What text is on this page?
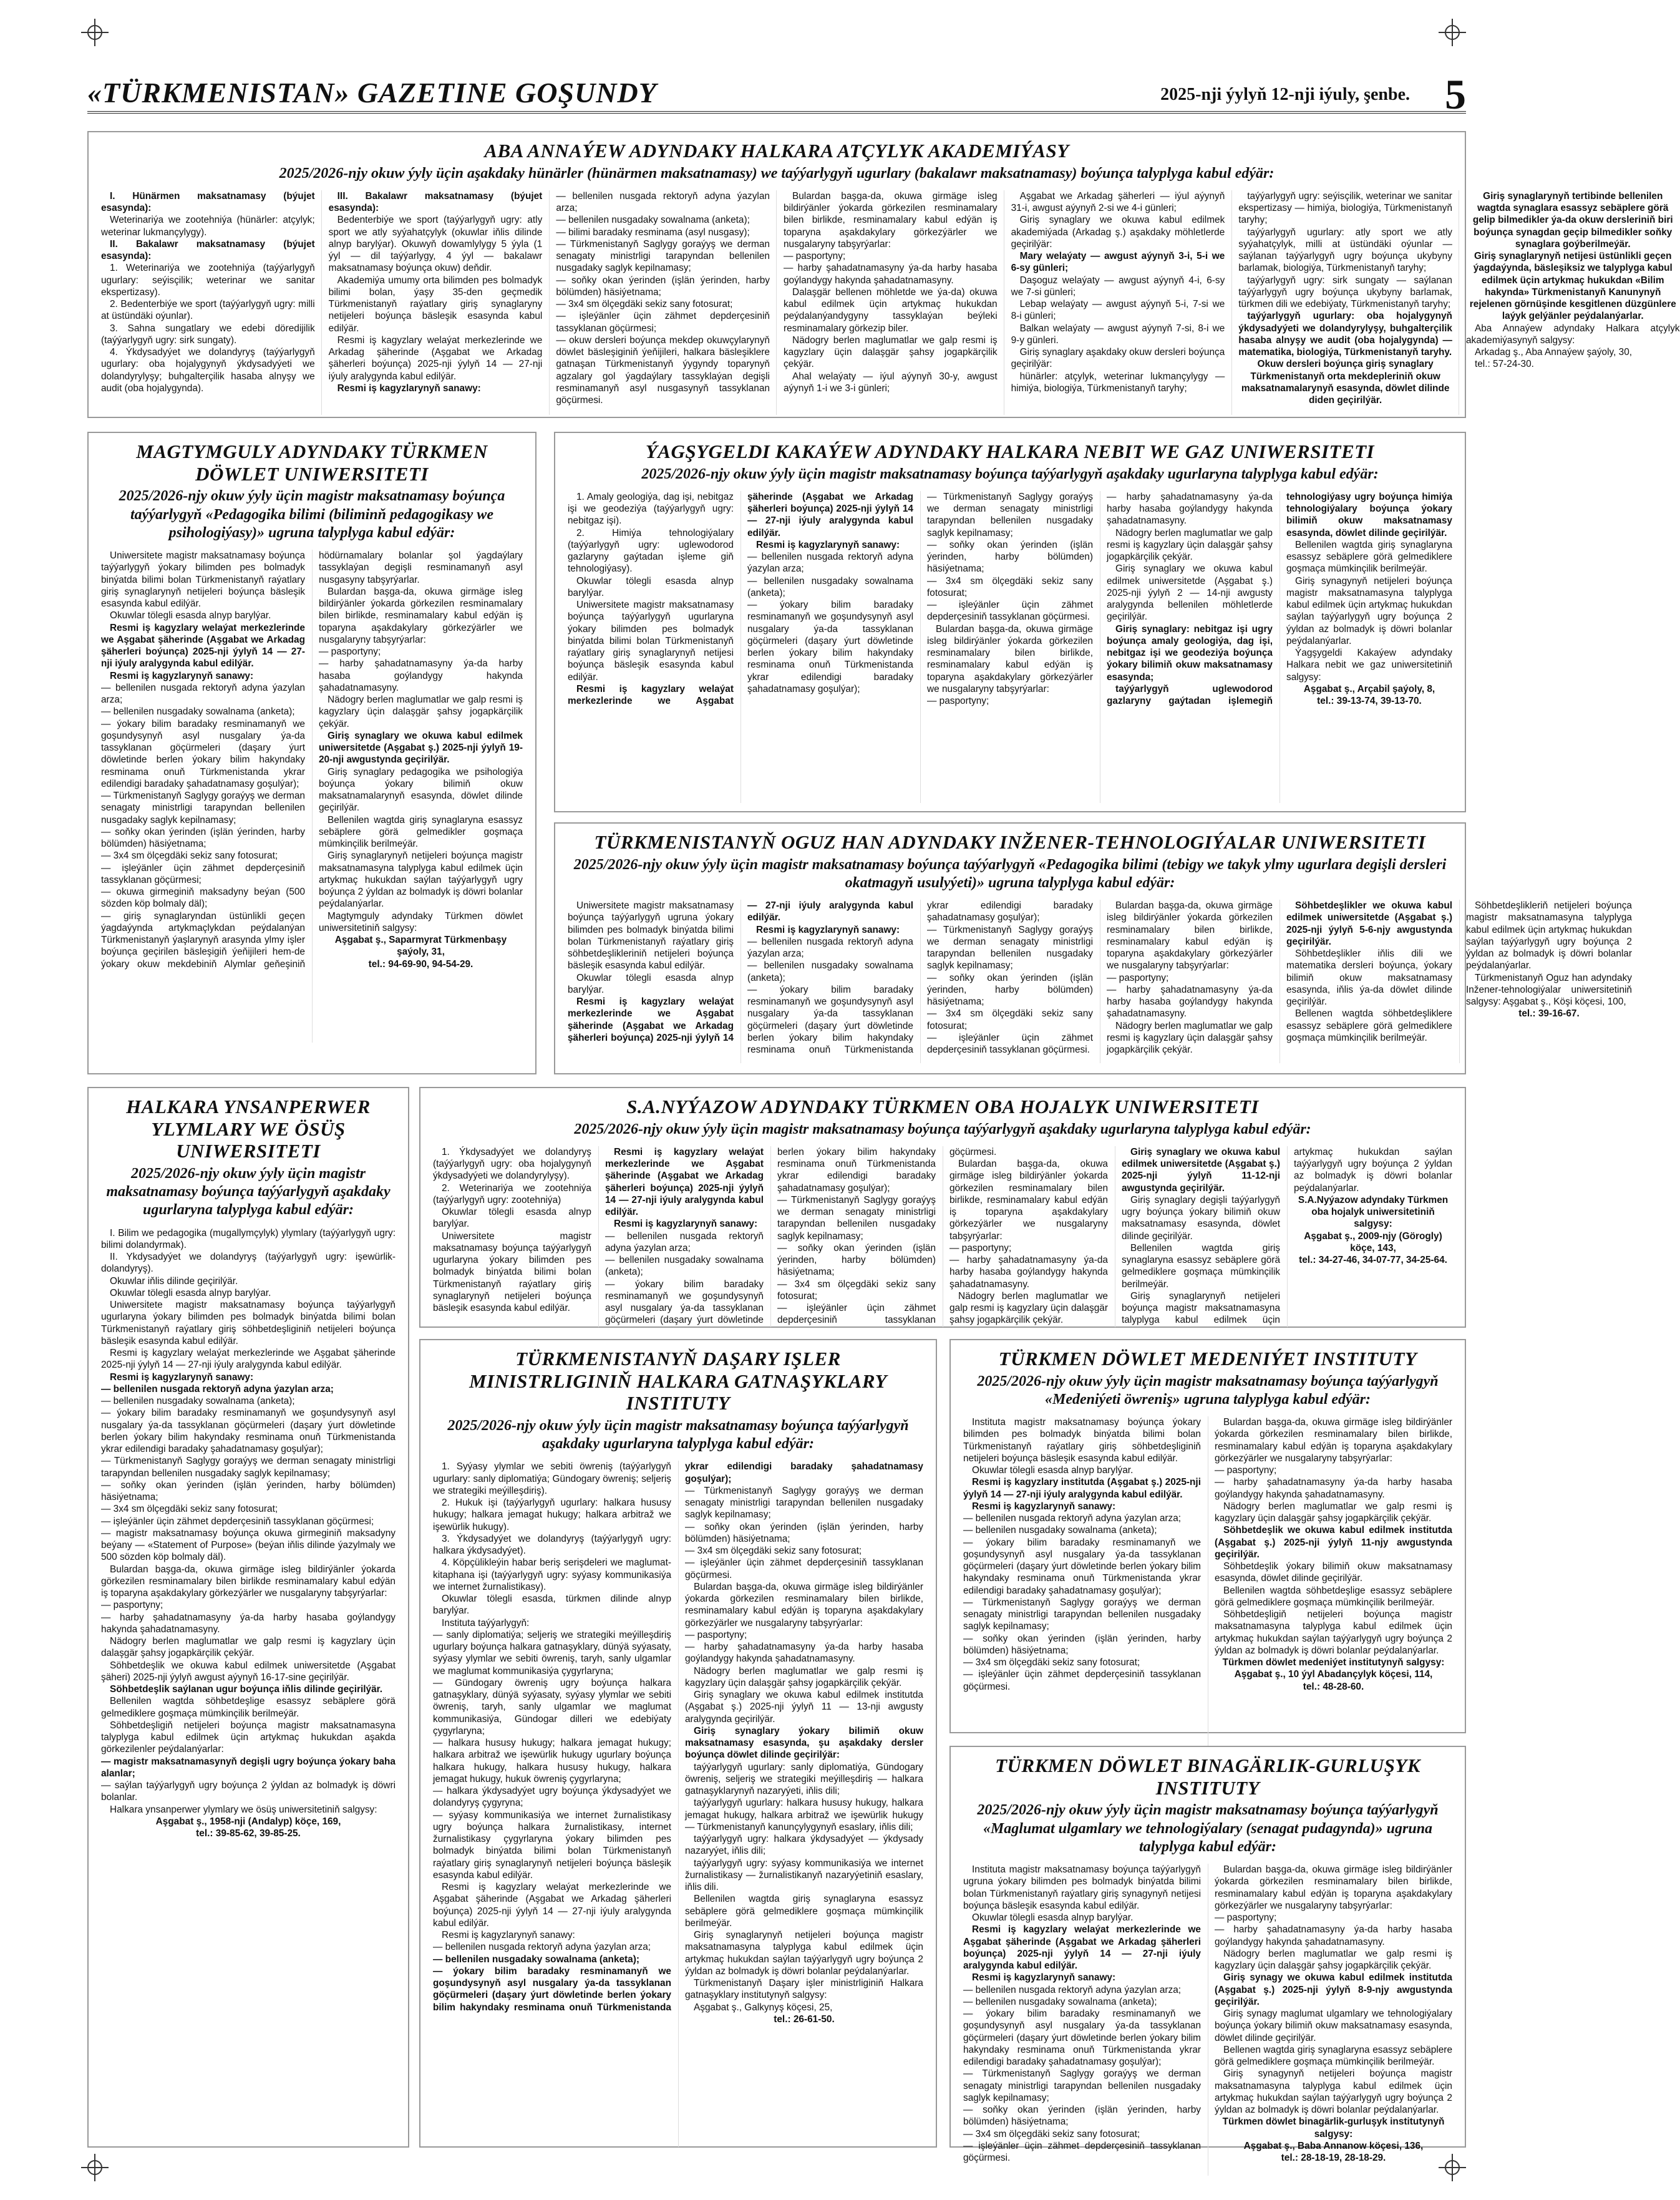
«TÜRKMENISTAN» GAZETINE GOŞUNDY	2025-nji ýylyň 12-nji iýuly, şenbe. 5
ABA ANNAÝEW ADYNDAKY HALKARA ATÇYLYK AKADEMIÝASY
2025/2026-njy okuw ýyly üçin aşakdaky hünärler (hünärmen maksatnamasy) we taýýarlygyň ugurlary (bakalawr maksatnamasy) boýunça talyplyga kabul edýär:

I. Hünärmen maksatnamasy (býujet esasynda):

Weterinariýa we zootehniýa (hünärler: atçylyk; weterinar lukmançylygy).

II. Bakalawr maksatnamasy (býujet esasynda):

1. Weterinariýa we zootehniýa (taýýarlygyň ugurlary: seýisçilik; weterinar we sanitar ekspertizasy).

2. Bedenterbiýe we sport (taýýarlygyň ugry: milli at üstündäki oýunlar).

3. Sahna sungatlary we edebi döredijilik (taýýarlygyň ugry: sirk sungaty).

4. Ýkdysadyýet we dolandyryş (taýýarlygyň ugurlary: oba hojalygynyň ýkdysadyýeti we dolandyrylyşy; buhgalterçilik hasaba alnyşy we audit (oba hojalygynda).

III. Bakalawr maksatnamasy (býujet esasynda):

Bedenterbiýe we sport (taýýarlygyň ugry: atly sport we atly syýahatçylyk (okuwlar iňlis dilinde alnyp barylýar). Okuwyň dowamlylygy 5 ýyla (1 ýyl — dil taýýarlygy, 4 ýyl — bakalawr maksatnamasy boýunça okuw) deňdir.

Akademiýa umumy orta bilimden pes bolmadyk bilimi bolan, ýaşy 35-den geçmedik Türkmenistanyň raýatlary giriş synaglaryny netijeleri boýunça bäsleşik esasynda kabul edilýär.

Resmi iş kagyzlary welaýat merkezlerinde we Arkadag şäherinde (Aşgabat we Arkadag şäherleri boýunça) 2025-nji ýylyň 14 — 27-nji iýuly aralygynda kabul edilýär.

Resmi iş kagyzlarynyň sanawy:

— bellenilen nusgada rektoryň adyna ýazylan arza;

— bellenilen nusgadaky sowalnama (anketa);

— bilimi baradaky resminama (asyl nusgasy);

— Türkmenistanyň Saglygy goraýyş we derman senagaty ministrligi tarapyndan bellenilen nusgadaky saglyk kepilnamasy;

— soňky okan ýerinden (işlän ýerinden, harby bölümden) häsiýetnama;

— 3x4 sm ölçegdäki sekiz sany fotosurat;

— işleýänler üçin zähmet depderçesiniň tassyklanan göçürmesi;

— okuw dersleri boýunça mekdep okuwçylarynyň döwlet bäsleşiginiň ýeňijileri, halkara bäsleşiklere gatnaşan Türkmenistanyň ýygyndy toparynyň agzalary gol ýagdaýlary tassyklaýan degişli resminamanyň asyl nusgasynyň tassyklanan göçürmesi.

Bulardan başga-da, okuwa girmäge isleg bildirýänler ýokarda görkezilen resminamalary bilen birlikde, resminamalary kabul edýän iş toparyna aşakdakylary görkezýärler we nusgalaryny tabşyrýarlar:

— pasportyny;

— harby şahadatnamasyny ýa-da harby hasaba goýlandygy hakynda şahadatnamasyny.

Dalaşgär bellenen möhletde we ýa-da) okuwa kabul edilmek üçin artykmaç hukukdan peýdalanýandygyny tassyklaýan beýleki resminamalary görkezip biler.

Nädogry berlen maglumatlar we galp resmi iş kagyzlary üçin dalaşgär şahsy jogapkärçilik çekýär.

Ahal welaýaty — iýul aýynyň 30-y, awgust aýynyň 1-i we 3-i günleri;

Aşgabat we Arkadag şäherleri — iýul aýynyň 31-i, awgust aýynyň 2-si we 4-i günleri;

Giriş synaglary we okuwa kabul edilmek akademiýada (Arkadag ş.) aşakdaky möhletlerde geçirilýär:

Mary welaýaty — awgust aýynyň 3-i, 5-i we 6-sy günleri;

Daşoguz welaýaty — awgust aýynyň 4-i, 6-sy we 7-si günleri;

Lebap welaýaty — awgust aýynyň 5-i, 7-si we 8-i günleri;

Balkan welaýaty — awgust aýynyň 7-si, 8-i we 9-y günleri.

Giriş synaglary aşakdaky okuw dersleri boýunça geçirilýär:

hünärler: atçylyk, weterinar lukmançylygy — himiýa, biologiýa, Türkmenistanyň taryhy;

taýýarlygyň ugry: seýisçilik, weterinar we sanitar ekspertizasy — himiýa, biologiýa, Türkmenistanyň taryhy;

taýýarlygyň ugurlary: atly sport we atly syýahatçylyk, milli at üstündäki oýunlar — saýlanan taýýarlygyň ugry boýunça ukybyny barlamak, biologiýa, Türkmenistanyň taryhy;

taýýarlygyň ugry: sirk sungaty — saýlanan taýýarlygyň ugry boýunça ukybyny barlamak, türkmen dili we edebiýaty, Türkmenistanyň taryhy;

taýýarlygyň ugurlary: oba hojalygynyň ýkdysadyýeti we dolandyrylyşy, buhgalterçilik hasaba alnyşy we audit (oba hojalygynda) — matematika, biologiýa, Türkmenistanyň taryhy.

Okuw dersleri boýunça giriş synaglary Türkmenistanyň orta mekdepleriniň okuw maksatnamalarynyň esasynda, döwlet dilinde diden geçirilýär.

Giriş synaglarynyň tertibinde bellenilen wagtda synaglara esassyz sebäplere görä gelip bilmedikler ýa-da okuw dersleriniň biri boýunça synagdan geçip bilmedikler soňky synaglara goýberilmeýär.

Giriş synaglarynyň netijesi üstünlikli geçen ýagdaýynda, bäsleşiksiz we talyplyga kabul edilmek üçin artykmaç hukukdan «Bilim hakynda» Türkmenistanyň Kanunynyň rejelenen görnüşinde kesgitlenen düzgünlere laýyk gelýänler peýdalanýarlar.

Aba Annaýew adyndaky Halkara atçylyk akademiýasynyň salgysy:

Arkadag ş., Aba Annaýew şaýoly, 30,

tel.: 57-24-30.

MAGTYMGULY ADYNDAKY TÜRKMEN DÖWLET UNIWERSITETI
2025/2026-njy okuw ýyly üçin magistr maksatnamasy boýunça taýýarlygyň «Pedagogika bilimi (biliminň pedagogikasy we psihologiýasy)» ugruna talyplyga kabul edýär:

Uniwersitete magistr maksatnamasy boýunça taýýarlygyň ýokary bilimden pes bolmadyk binýatda bilimi bolan Türkmenistanyň raýatlary giriş synaglarynyň netijeleri boýunça bäsleşik esasynda kabul edilýär.

Okuwlar tölegli esasda alnyp barylýar.

Resmi iş kagyzlary welaýat merkezlerinde we Aşgabat şäherinde (Aşgabat we Arkadag şäherleri boýunça) 2025-nji ýylyň 14 — 27-nji iýuly aralygynda kabul edilýär.

Resmi iş kagyzlarynyň sanawy:

— bellenilen nusgada rektoryň adyna ýazylan arza;

— bellenilen nusgadaky sowalnama (anketa);

— ýokary bilim baradaky resminamanyň we goşundysynyň asyl nusgalary ýa-da tassyklanan göçürmeleri (daşary ýurt döwletinde berlen ýokary bilim hakyndaky resminama onuň Türkmenistanda ykrar edilendigi baradaky şahadatnamasy goşulýar);

— Türkmenistanyň Saglygy goraýyş we derman senagaty ministrligi tarapyndan bellenilen nusgadaky saglyk kepilnamasy;

— soňky okan ýerinden (işlän ýerinden, harby bölümden) häsiýetnama;

— 3x4 sm ölçegdäki sekiz sany fotosurat;

— işleýänler üçin zähmet depderçesiniň tassyklanan göçürmesi;

— okuwa girmeginiň maksadyny beýan (500 sözden köp bolmaly däl);

— giriş synaglaryndan üstünlikli geçen ýagdaýynda artykmaçlykdan peýdalanýan Türkmenistanyň ýaşlarynyň arasynda ylmy işler boýunça geçirilen bäsleşigiň ýeňijileri hem-de ýokary okuw mekdebiniň Alymlar geňeşiniň hödürnamalary bolanlar şol ýagdaýlary tassyklaýan degişli resminamanyň asyl nusgasyny tabşyrýarlar.

Bulardan başga-da, okuwa girmäge isleg bildirýänler ýokarda görkezilen resminamalary bilen birlikde, resminamalary kabul edýän iş toparyna aşakdakylary görkezýärler we nusgalaryny tabşyrýarlar:

— pasportyny;

— harby şahadatnamasyny ýa-da harby hasaba goýlandygy hakynda şahadatnamasyny.

Nädogry berlen maglumatlar we galp resmi iş kagyzlary üçin dalaşgär şahsy jogapkärçilik çekýär.

Giriş synaglary we okuwa kabul edilmek uniwersitetde (Aşgabat ş.) 2025-nji ýylyň 19-20-nji awgustynda geçirilýär.

Giriş synaglary pedagogika we psihologiýa boýunça ýokary bilimiň okuw maksatnamalarynyň esasynda, döwlet dilinde geçirilýär.

Bellenilen wagtda giriş synaglaryna esassyz sebäplere görä gelmedikler goşmaça mümkinçilik berilmeýär.

Giriş synaglarynyň netijeleri boýunça magistr maksatnamasyna talyplyga kabul edilmek üçin artykmaç hukukdan saýlan taýýarlygyň ugry boýunça 2 ýyldan az bolmadyk iş döwri bolanlar peýdalanýarlar.

Magtymguly adyndaky Türkmen döwlet uniwersitetiniň salgysy:

Aşgabat ş., Saparmyrat Türkmenbaşy şaýoly, 31,

tel.: 94-69-90, 94-54-29.

ÝAGŞYGELDI KAKAÝEW ADYNDAKY HALKARA NEBIT WE GAZ UNIWERSITETI
2025/2026-njy okuw ýyly üçin magistr maksatnamasy boýunça taýýarlygyň aşakdaky ugurlaryna talyplyga kabul edýär:

1. Amaly geologiýa, dag işi, nebitgaz işi we geodeziýa (taýýarlygyň ugry: nebitgaz işi).

2. Himiýa tehnologiýalary (taýýarlygyň ugry: uglewodorod gazlaryny gaýtadan işleme giň tehnologiýasy).

Okuwlar tölegli esasda alnyp barylýar.

Uniwersitete magistr maksatnamasy boýunça taýýarlygyň ugurlaryna ýokary bilimden pes bolmadyk binýatda bilimi bolan Türkmenistanyň raýatlary giriş synaglarynyň netijesi boýunça bäsleşik esasynda kabul edilýär.

Resmi iş kagyzlary welaýat merkezlerinde we Aşgabat şäherinde (Aşgabat we Arkadag şäherleri boýunça) 2025-nji ýylyň 14 — 27-nji iýuly aralygynda kabul edilýär.

Resmi iş kagyzlarynyň sanawy:

— bellenilen nusgada rektoryň adyna ýazylan arza;

— bellenilen nusgadaky sowalnama (anketa);

— ýokary bilim baradaky resminamanyň we goşundysynyň asyl nusgalary ýa-da tassyklanan göçürmeleri (daşary ýurt döwletinde berlen ýokary bilim hakyndaky resminama onuň Türkmenistanda ykrar edilendigi baradaky şahadatnamasy goşulýar);

— Türkmenistanyň Saglygy goraýyş we derman senagaty ministrligi tarapyndan bellenilen nusgadaky saglyk kepilnamasy;

— soňky okan ýerinden (işlän ýerinden, harby bölümden) häsiýetnama;

— 3x4 sm ölçegdäki sekiz sany fotosurat;

— işleýänler üçin zähmet depderçesiniň tassyklanan göçürmesi.

Bulardan başga-da, okuwa girmäge isleg bildirýänler ýokarda görkezilen resminamalary bilen birlikde, resminamalary kabul edýän iş toparyna aşakdakylary görkezýärler we nusgalaryny tabşyrýarlar:

— pasportyny;

— harby şahadatnamasyny ýa-da harby hasaba goýlandygy hakynda şahadatnamasyny.

Nädogry berlen maglumatlar we galp resmi iş kagyzlary üçin dalaşgär şahsy jogapkärçilik çekýär.

Giriş synaglary we okuwa kabul edilmek uniwersitetde (Aşgabat ş.) 2025-nji ýylyň 2 — 14-nji awgusty aralygynda bellenilen möhletlerde geçirilýär.

Giriş synaglary: nebitgaz işi ugry boýunça amaly geologiýa, dag işi, nebitgaz işi we geodeziýa boýunça ýokary bilimiň okuw maksatnamasy esasynda;

taýýarlygyň uglewodorod gazlaryny gaýtadan işlemegiň tehnologiýasy ugry boýunça himiýa tehnologiýalary boýunça ýokary bilimiň okuw maksatnamasy esasynda, döwlet dilinde geçirilýär.

Bellenilen wagtda giriş synaglaryna esassyz sebäplere görä gelmediklere goşmaça mümkinçilik berilmeýär.

Giriş synagynyň netijeleri boýunça magistr maksatnamasyna talyplyga kabul edilmek üçin artykmaç hukukdan saýlan taýýarlygyň ugry boýunça 2 ýyldan az bolmadyk iş döwri bolanlar peýdalanýarlar.

Ýagşygeldi Kakaýew adyndaky Halkara nebit we gaz uniwersitetiniň salgysy:

Aşgabat ş., Arçabil şaýoly, 8,

tel.: 39-13-74, 39-13-70.

TÜRKMENISTANYŇ OGUZ HAN ADYNDAKY INŽENER-TEHNOLOGIÝALAR UNIWERSITETI
2025/2026-njy okuw ýyly üçin magistr maksatnamasy boýunça taýýarlygyň «Pedagogika bilimi (tebigy we takyk ylmy ugurlara degişli dersleri okatmagyň usulyýeti)» ugruna talyplyga kabul edýär:

Uniwersitete magistr maksatnamasy boýunça taýýarlygyň ugruna ýokary bilimden pes bolmadyk binýatda bilimi bolan Türkmenistanyň raýatlary giriş söhbetdeşlikleriniň netijeleri boýunça bäsleşik esasynda kabul edilýär.

Okuwlar tölegli esasda alnyp barylýar.

Resmi iş kagyzlary welaýat merkezlerinde we Aşgabat şäherinde (Aşgabat we Arkadag şäherleri boýunça) 2025-nji ýylyň 14 — 27-nji iýuly aralygynda kabul edilýär.

Resmi iş kagyzlarynyň sanawy:

— bellenilen nusgada rektoryň adyna ýazylan arza;

— bellenilen nusgadaky sowalnama (anketa);

— ýokary bilim baradaky resminamanyň we goşundysynyň asyl nusgalary ýa-da tassyklanan göçürmeleri (daşary ýurt döwletinde berlen ýokary bilim hakyndaky resminama onuň Türkmenistanda ykrar edilendigi baradaky şahadatnamasy goşulýar);

— Türkmenistanyň Saglygy goraýyş we derman senagaty ministrligi tarapyndan bellenilen nusgadaky saglyk kepilnamasy;

— soňky okan ýerinden (işlän ýerinden, harby bölümden) häsiýetnama;

— 3x4 sm ölçegdäki sekiz sany fotosurat;

— işleýänler üçin zähmet depderçesiniň tassyklanan göçürmesi.

Bulardan başga-da, okuwa girmäge isleg bildirýänler ýokarda görkezilen resminamalary bilen birlikde, resminamalary kabul edýän iş toparyna aşakdakylary görkezýärler we nusgalaryny tabşyrýarlar:

— pasportyny;

— harby şahadatnamasyny ýa-da harby hasaba goýlandygy hakynda şahadatnamasyny.

Nädogry berlen maglumatlar we galp resmi iş kagyzlary üçin dalaşgär şahsy jogapkärçilik çekýär.

Söhbetdeşlikler we okuwa kabul edilmek uniwersitetde (Aşgabat ş.) 2025-nji ýylyň 5-6-njy awgustynda geçirilýär.

Söhbetdeşlikler iňlis dili we matematika dersleri boýunça, ýokary bilimiň okuw maksatnamasy esasynda, iňlis ýa-da döwlet dilinde geçirilýär.

Bellenen wagtda söhbetdeşliklere esassyz sebäplere görä gelmediklere goşmaça mümkinçilik berilmeýär.

Söhbetdeşlikleriň netijeleri boýunça magistr maksatnamasyna talyplyga kabul edilmek üçin artykmaç hukukdan saýlan taýýarlygyň ugry boýunça 2 ýyldan az bolmadyk iş döwri bolanlar peýdalanýarlar.

Türkmenistanyň Oguz han adyndaky Inžener-tehnologiýalar uniwersitetiniň salgysy: Aşgabat ş., Köşi köçesi, 100,

tel.: 39-16-67.

HALKARA YNSANPERWER YLYMLARY WE ÖSÜŞ UNIWERSITETI
2025/2026-njy okuw ýyly üçin magistr maksatnamasy boýunça taýýarlygyň aşakdaky ugurlaryna talyplyga kabul edýär:

I. Bilim we pedagogika (mugallymçylyk) ylymlary (taýýarlygyň ugry: bilimi dolandyrmak).

II. Ykdysadyýet we dolandyryş (taýýarlygyň ugry: işewürlik-dolandyryş).

Okuwlar iňlis dilinde geçirilýär.

Okuwlar tölegli esasda alnyp barylýar.

Uniwersitete magistr maksatnamasy boýunça taýýarlygyň ugurlaryna ýokary bilimden pes bolmadyk binýatda bilimi bolan Türkmenistanyň raýatlary giriş söhbetdeşliginiň netijeleri boýunça bäsleşik esasynda kabul edilýär.

Resmi iş kagyzlary welaýat merkezlerinde we Aşgabat şäherinde 2025-nji ýylyň 14 — 27-nji iýuly aralygynda kabul edilýär.

Resmi iş kagyzlarynyň sanawy:

— bellenilen nusgada rektoryň adyna ýazylan arza;

— bellenilen nusgadaky sowalnama (anketa);

— ýokary bilim baradaky resminamanyň we goşundysynyň asyl nusgalary ýa-da tassyklanan göçürmeleri (daşary ýurt döwletinde berlen ýokary bilim hakyndaky resminama onuň Türkmenistanda ykrar edilendigi baradaky şahadatnamasy goşulýar);

— Türkmenistanyň Saglygy goraýyş we derman senagaty ministrligi tarapyndan bellenilen nusgadaky saglyk kepilnamasy;

— soňky okan ýerinden (işlän ýerinden, harby bölümden) häsiýetnama;

— 3x4 sm ölçegdäki sekiz sany fotosurat;

— işleýänler üçin zähmet depderçesiniň tassyklanan göçürmesi;

— magistr maksatnamasy boýunça okuwa girmeginiň maksadyny beýany — «Statement of Purpose» (beýan iňlis dilinde ýazylmaly we 500 sözden köp bolmaly däl).

Bulardan başga-da, okuwa girmäge isleg bildirýänler ýokarda görkezilen resminamalary bilen birlikde resminamalary kabul edýän iş toparyna aşakdakylary görkezýärler we nusgalaryny tabşyrýarlar:

— pasportyny;

— harby şahadatnamasyny ýa-da harby hasaba goýlandygy hakynda şahadatnamasyny.

Nädogry berlen maglumatlar we galp resmi iş kagyzlary üçin dalaşgär şahsy jogapkärçilik çekýär.

Söhbetdeşlik we okuwa kabul edilmek uniwersitetde (Aşgabat şäheri) 2025-nji ýylyň awgust aýynyň 16-17-sine geçirilýär.

Söhbetdeşlik saýlanan ugur boýunça iňlis dilinde geçirilýär.

Bellenilen wagtda söhbetdeşlige esassyz sebäplere görä gelmediklere goşmaça mümkinçilik berilmeýär.

Söhbetdeşligiň netijeleri boýunça magistr maksatnamasyna talyplyga kabul edilmek üçin artykmaç hukukdan aşakda görkezilenler peýdalanýarlar:

— magistr maksatnamasynyň degişli ugry boýunça ýokary baha alanlar;

— saýlan taýýarlygyň ugry boýunça 2 ýyldan az bolmadyk iş döwri bolanlar.

Halkara ynsanperwer ylymlary we ösüş uniwersitetiniň salgysy:

Aşgabat ş., 1958-nji (Andalyp) köçe, 169,

tel.: 39-85-62, 39-85-25.

S.A.NYÝAZOW ADYNDAKY TÜRKMEN OBA HOJALYK UNIWERSITETI
2025/2026-njy okuw ýyly üçin magistr maksatnamasy boýunça taýýarlygyň aşakdaky ugurlaryna talyplyga kabul edýär:

1. Ýkdysadyýet we dolandyryş (taýýarlygyň ugry: oba hojalygynyň ýkdysadyýeti we dolandyrylyşy).

2. Weterinariýa we zootehniýa (taýýarlygyň ugry: zootehniýa)

Okuwlar tölegli esasda alnyp barylýar.

Uniwersitete magistr maksatnamasy boýunça taýýarlygyň ugurlaryna ýokary bilimden pes bolmadyk binýatda bilimi bolan Türkmenistanyň raýatlary giriş synaglarynyň netijeleri boýunça bäsleşik esasynda kabul edilýär.

Resmi iş kagyzlary welaýat merkezlerinde we Aşgabat şäherinde (Aşgabat we Arkadag şäherleri boýunça) 2025-nji ýylyň 14 — 27-nji iýuly aralygynda kabul edilýär.

Resmi iş kagyzlarynyň sanawy:

— bellenilen nusgada rektoryň adyna ýazylan arza;

— bellenilen nusgadaky sowalnama (anketa);

— ýokary bilim baradaky resminamanyň we goşundysynyň asyl nusgalary ýa-da tassyklanan göçürmeleri (daşary ýurt döwletinde berlen ýokary bilim hakyndaky resminama onuň Türkmenistanda ykrar edilendigi baradaky şahadatnamasy goşulýar);

— Türkmenistanyň Saglygy goraýyş we derman senagaty ministrligi tarapyndan bellenilen nusgadaky saglyk kepilnamasy;

— soňky okan ýerinden (işlän ýerinden, harby bölümden) häsiýetnama;

— 3x4 sm ölçegdäki sekiz sany fotosurat;

— işleýänler üçin zähmet depderçesiniň tassyklanan göçürmesi.

Bulardan başga-da, okuwa girmäge isleg bildirýänler ýokarda görkezilen resminamalary bilen birlikde, resminamalary kabul edýän iş toparyna aşakdakylary görkezýärler we nusgalaryny tabşyrýarlar:

— pasportyny;

— harby şahadatnamasyny ýa-da harby hasaba goýlandygy hakynda şahadatnamasyny.

Nädogry berlen maglumatlar we galp resmi iş kagyzlary üçin dalaşgär şahsy jogapkärçilik çekýär.

Giriş synaglary we okuwa kabul edilmek uniwersitetde (Aşgabat ş.) 2025-nji ýylyň 11-12-nji awgustynda geçirilýär.

Giriş synaglary degişli taýýarlygyň ugry boýunça ýokary bilimiň okuw maksatnamasy esasynda, döwlet dilinde geçirilýär.

Bellenilen wagtda giriş synaglaryna esassyz sebäplere görä gelmediklere goşmaça mümkinçilik berilmeýär.

Giriş synaglarynyň netijeleri boýunça magistr maksatnamasyna talyplyga kabul edilmek üçin artykmaç hukukdan saýlan taýýarlygyň ugry boýunça 2 ýyldan az bolmadyk iş döwri bolanlar peýdalanýarlar.

S.A.Nyýazow adyndaky Türkmen oba hojalyk uniwersitetiniň salgysy:

Aşgabat ş., 2009-njy (Görogly) köçe, 143,

tel.: 34-27-46, 34-07-77, 34-25-64.

TÜRKMENISTANYŇ DAŞARY IŞLER MINISTRLIGINIŇ HALKARA GATNAŞYKLARY INSTITUTY
2025/2026-njy okuw ýyly üçin magistr maksatnamasy boýunça taýýarlygyň aşakdaky ugurlaryna talyplyga kabul edýär:

1. Syýasy ylymlar we sebiti öwreniş (taýýarlygyň ugurlary: sanly diplomatiýa; Gündogary öwreniş; seljeriş we strategiki meýilleşdiriş).

2. Hukuk işi (taýýarlygyň ugurlary: halkara hususy hukugy; halkara jemagat hukugy; halkara arbitraž we işewürlik hukugy).

3. Ýkdysadyýet we dolandyryş (taýýarlygyň ugry: halkara ýkdysadyýet).

4. Köpçülikleýin habar beriş serişdeleri we maglumat-kitaphana işi (taýýarlygyň ugry: syýasy kommunikasiýa we internet žurnalistikasy).

Okuwlar tölegli esasda, türkmen dilinde alnyp barylýar.

Instituta taýýarlygyň:

— sanly diplomatiýa; seljeriş we strategiki meýilleşdiriş ugurlary boýunça halkara gatnaşyklary, dünýä syýasaty, syýasy ylymlar we sebiti öwreniş, taryh, sanly ulgamlar we maglumat kommunikasiýa çygyrlaryna;

— Gündogary öwreniş ugry boýunça halkara gatnaşyklary, dünýä syýasaty, syýasy ylymlar we sebiti öwreniş, taryh, sanly ulgamlar we maglumat kommunikasiýa, Gündogar dilleri we edebiýaty çygyrlaryna;

— halkara hususy hukugy; halkara jemagat hukugy; halkara arbitraž we işewürlik hukugy ugurlary boýunça halkara hukugy, halkara hususy hukugy, halkara jemagat hukugy, hukuk öwreniş çygyrlaryna;

— halkara ýkdysadyýet ugry boýunça ýkdysadyýet we dolandyryş çygyryna;

— syýasy kommunikasiýa we internet žurnalistikasy ugry boýunça halkara žurnalistikasy, internet žurnalistikasy çygyrlaryna ýokary bilimden pes bolmadyk binýatda bilimi bolan Türkmenistanyň raýatlary giriş synaglarynyň netijeleri boýunça bäsleşik esasynda kabul edilýär.

Resmi iş kagyzlary welaýat merkezlerinde we Aşgabat şäherinde (Aşgabat we Arkadag şäherleri boýunça) 2025-nji ýylyň 14 — 27-nji iýuly aralygynda kabul edilýär.

Resmi iş kagyzlarynyň sanawy:

— bellenilen nusgada rektoryň adyna ýazylan arza;

— bellenilen nusgadaky sowalnama (anketa);

— ýokary bilim baradaky resminamanyň we goşundysynyň asyl nusgalary ýa-da tassyklanan göçürmeleri (daşary ýurt döwletinde berlen ýokary bilim hakyndaky resminama onuň Türkmenistanda ykrar edilendigi baradaky şahadatnamasy goşulýar);

— Türkmenistanyň Saglygy goraýyş we derman senagaty ministrligi tarapyndan bellenilen nusgadaky saglyk kepilnamasy;

— soňky okan ýerinden (işlän ýerinden, harby bölümden) häsiýetnama;

— 3x4 sm ölçegdäki sekiz sany fotosurat;

— işleýänler üçin zähmet depderçesiniň tassyklanan göçürmesi.

Bulardan başga-da, okuwa girmäge isleg bildirýänler ýokarda görkezilen resminamalary bilen birlikde, resminamalary kabul edýän iş toparyna aşakdakylary görkezýärler we nusgalaryny tabşyrýarlar:

— pasportyny;

— harby şahadatnamasyny ýa-da harby hasaba goýlandygy hakynda şahadatnamasyny.

Nädogry berlen maglumatlar we galp resmi iş kagyzlary üçin dalaşgär şahsy jogapkärçilik çekýär.

Giriş synaglary we okuwa kabul edilmek institutda (Aşgabat ş.) 2025-nji ýylyň 11 — 13-nji awgusty aralygynda geçirilýär.

Giriş synaglary ýokary bilimiň okuw maksatnamasy esasynda, şu aşakdaky dersler boýunça döwlet dilinde geçirilýär:

taýýarlygyň ugurlary: sanly diplomatiýa, Gündogary öwreniş, seljeriş we strategiki meýilleşdiriş — halkara gatnaşyklarynyň nazaryýeti, iňlis dili;

taýýarlygyň ugurlary: halkara hususy hukugy, halkara jemagat hukugy, halkara arbitraž we işewürlik hukugy — Türkmenistanyň kanunçylygynyň esaslary, iňlis dili;

taýýarlygyň ugry: halkara ýkdysadyýet — ýkdysady nazaryýet, iňlis dili;

taýýarlygyň ugry: syýasy kommunikasiýa we internet žurnalistikasy — žurnalistikanyň nazaryýetiniň esaslary, iňlis dili.

Bellenilen wagtda giriş synaglaryna esassyz sebäplere görä gelmediklere goşmaça mümkinçilik berilmeýär.

Giriş synaglarynyň netijeleri boýunça magistr maksatnamasyna talyplyga kabul edilmek üçin artykmaç hukukdan saýlan taýýarlygyň ugry boýunça 2 ýyldan az bolmadyk iş döwri bolanlar peýdalanýarlar.

Türkmenistanyň Daşary işler ministrliginiň Halkara gatnaşyklary institutynyň salgysy:

Aşgabat ş., Galkynyş köçesi, 25,

tel.: 26-61-50.

TÜRKMEN DÖWLET MEDENIÝET INSTITUTY
2025/2026-njy okuw ýyly üçin magistr maksatnamasy boýunça taýýarlygyň «Medeniýeti öwreniş» ugruna talyplyga kabul edýär:

Instituta magistr maksatnamasy boýunça ýokary bilimden pes bolmadyk binýatda bilimi bolan Türkmenistanyň raýatlary giriş söhbetdeşliginiň netijeleri boýunça bäsleşik esasynda kabul edilýär.

Okuwlar tölegli esasda alnyp barylýar.

Resmi iş kagyzlary institutda (Aşgabat ş.) 2025-nji ýylyň 14 — 27-nji iýuly aralygynda kabul edilýär.

Resmi iş kagyzlarynyň sanawy:

— bellenilen nusgada rektoryň adyna ýazylan arza;

— bellenilen nusgadaky sowalnama (anketa);

— ýokary bilim baradaky resminamanyň we goşundysynyň asyl nusgalary ýa-da tassyklanan göçürmeleri (daşary ýurt döwletinde berlen ýokary bilim hakyndaky resminama onuň Türkmenistanda ykrar edilendigi baradaky şahadatnamasy goşulýar);

— Türkmenistanyň Saglygy goraýyş we derman senagaty ministrligi tarapyndan bellenilen nusgadaky saglyk kepilnamasy;

— soňky okan ýerinden (işlän ýerinden, harby bölümden) häsiýetnama;

— 3x4 sm ölçegdäki sekiz sany fotosurat;

— işleýänler üçin zähmet depderçesiniň tassyklanan göçürmesi.

Bulardan başga-da, okuwa girmäge isleg bildirýänler ýokarda görkezilen resminamalary bilen birlikde, resminamalary kabul edýän iş toparyna aşakdakylary görkezýärler we nusgalaryny tabşyrýarlar:

— pasportyny;

— harby şahadatnamasyny ýa-da harby hasaba goýlandygy hakynda şahadatnamasyny.

Nädogry berlen maglumatlar we galp resmi iş kagyzlary üçin dalaşgär şahsy jogapkärçilik çekýär.

Söhbetdeşlik we okuwa kabul edilmek institutda (Aşgabat ş.) 2025-nji ýylyň 11-njy awgustynda geçirilýär.

Söhbetdeşlik ýokary bilimiň okuw maksatnamasy esasynda, döwlet dilinde geçirilýär.

Bellenilen wagtda söhbetdeşlige esassyz sebäplere görä gelmediklere goşmaça mümkinçilik berilmeýär.

Söhbetdeşligiň netijeleri boýunça magistr maksatnamasyna talyplyga kabul edilmek üçin artykmaç hukukdan saýlan taýýarlygyň ugry boýunça 2 ýyldan az bolmadyk iş döwri bolanlar peýdalanýarlar.

Türkmen döwlet medeniýet institutynyň salgysy:

Aşgabat ş., 10 ýyl Abadançylyk köçesi, 114,

tel.: 48-28-60.

TÜRKMEN DÖWLET BINAGÄRLIK-GURLUŞYK INSTITUTY
2025/2026-njy okuw ýyly üçin magistr maksatnamasy boýunça taýýarlygyň «Maglumat ulgamlary we tehnologiýalary (senagat pudagynda)» ugruna talyplyga kabul edýär:

Instituta magistr maksatnamasy boýunça taýýarlygyň ugruna ýokary bilimden pes bolmadyk binýatda bilimi bolan Türkmenistanyň raýatlary giriş synagynyň netijesi boýunça bäsleşik esasynda kabul edilýär.

Okuwlar tölegli esasda alnyp barylýar.

Resmi iş kagyzlary welaýat merkezlerinde we Aşgabat şäherinde (Aşgabat we Arkadag şäherleri boýunça) 2025-nji ýylyň 14 — 27-nji iýuly aralygynda kabul edilýär.

Resmi iş kagyzlarynyň sanawy:

— bellenilen nusgada rektoryň adyna ýazylan arza;

— bellenilen nusgadaky sowalnama (anketa);

— ýokary bilim baradaky resminamanyň we goşundysynyň asyl nusgalary ýa-da tassyklanan göçürmeleri (daşary ýurt döwletinde berlen ýokary bilim hakyndaky resminama onuň Türkmenistanda ykrar edilendigi baradaky şahadatnamasy goşulýar);

— Türkmenistanyň Saglygy goraýyş we derman senagaty ministrligi tarapyndan bellenilen nusgadaky saglyk kepilnamasy;

— soňky okan ýerinden (işlän ýerinden, harby bölümden) häsiýetnama;

— 3x4 sm ölçegdäki sekiz sany fotosurat;

— işleýänler üçin zähmet depderçesiniň tassyklanan göçürmesi.

Bulardan başga-da, okuwa girmäge isleg bildirýänler ýokarda görkezilen resminamalary bilen birlikde, resminamalary kabul edýän iş toparyna aşakdakylary görkezýärler we nusgalaryny tabşyrýarlar:

— pasportyny;

— harby şahadatnamasyny ýa-da harby hasaba goýlandygy hakynda şahadatnamasyny.

Nädogry berlen maglumatlar we galp resmi iş kagyzlary üçin dalaşgär şahsy jogapkärçilik çekýär.

Giriş synagy we okuwa kabul edilmek institutda (Aşgabat ş.) 2025-nji ýylyň 8-9-njy awgustynda geçirilýär.

Giriş synagy maglumat ulgamlary we tehnologiýalary boýunça ýokary bilimiň okuw maksatnamasy esasynda, döwlet dilinde geçirilýär.

Bellenen wagtda giriş synaglaryna esassyz sebäplere görä gelmediklere goşmaça mümkinçilik berilmeýär.

Giriş synagynyň netijeleri boýunça magistr maksatnamasyna talyplyga kabul edilmek üçin artykmaç hukukdan saýlan taýýarlygyň ugry boýunça 2 ýyldan az bolmadyk iş döwri bolanlar peýdalanýarlar.

Türkmen döwlet binagärlik-gurluşyk institutynyň salgysy:

Aşgabat ş., Baba Annanow köçesi, 136,

tel.: 28-18-19, 28-18-29.
